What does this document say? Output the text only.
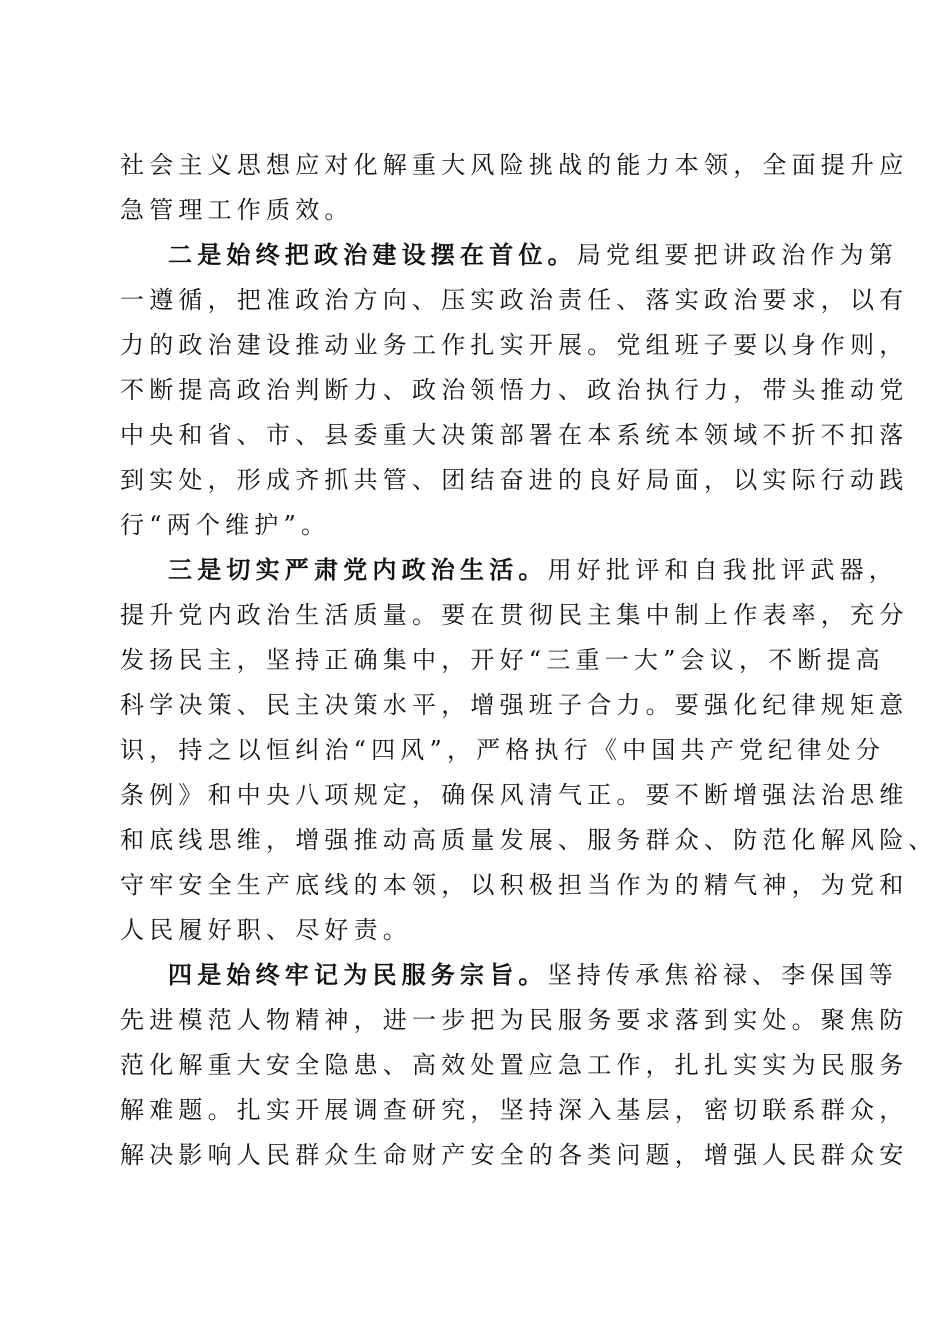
社会主义思想应对化解重大风险挑战的能力本领，全面提升应
急管理工作质效。
二是始终把政治建设摆在首位。局党组要把讲政治作为第
一遵循，把准政治方向、压实政治责任、落实政治要求，以有
力的政治建设推动业务工作扎实开展。党组班子要以身作则，
不断提高政治判断力、政治领悟力、政治执行力，带头推动党
中央和省、市、县委重大决策部署在本系统本领域不折不扣落
到实处，形成齐抓共管、团结奋进的良好局面，以实际行动践
行“两个维护”。
三是切实严肃党内政治生活。用好批评和自我批评武器，
提升党内政治生活质量。要在贯彻民主集中制上作表率，充分
发扬民主，坚持正确集中，开好“三重一大”会议，不断提高
科学决策、民主决策水平，增强班子合力。要强化纪律规矩意
识，持之以恒纠治“四风”，严格执行《中国共产党纪律处分
条例》和中央八项规定，确保风清气正。要不断增强法治思维
和底线思维，增强推动高质量发展、服务群众、防范化解风险、
守牢安全生产底线的本领，以积极担当作为的精气神，为党和
人民履好职、尽好责。
四是始终牢记为民服务宗旨。坚持传承焦裕禄、李保国等
先进模范人物精神，进一步把为民服务要求落到实处。聚焦防
范化解重大安全隐患、高效处置应急工作，扎扎实实为民服务
解难题。扎实开展调查研究，坚持深入基层，密切联系群众，
解决影响人民群众生命财产安全的各类问题，增强人民群众安
